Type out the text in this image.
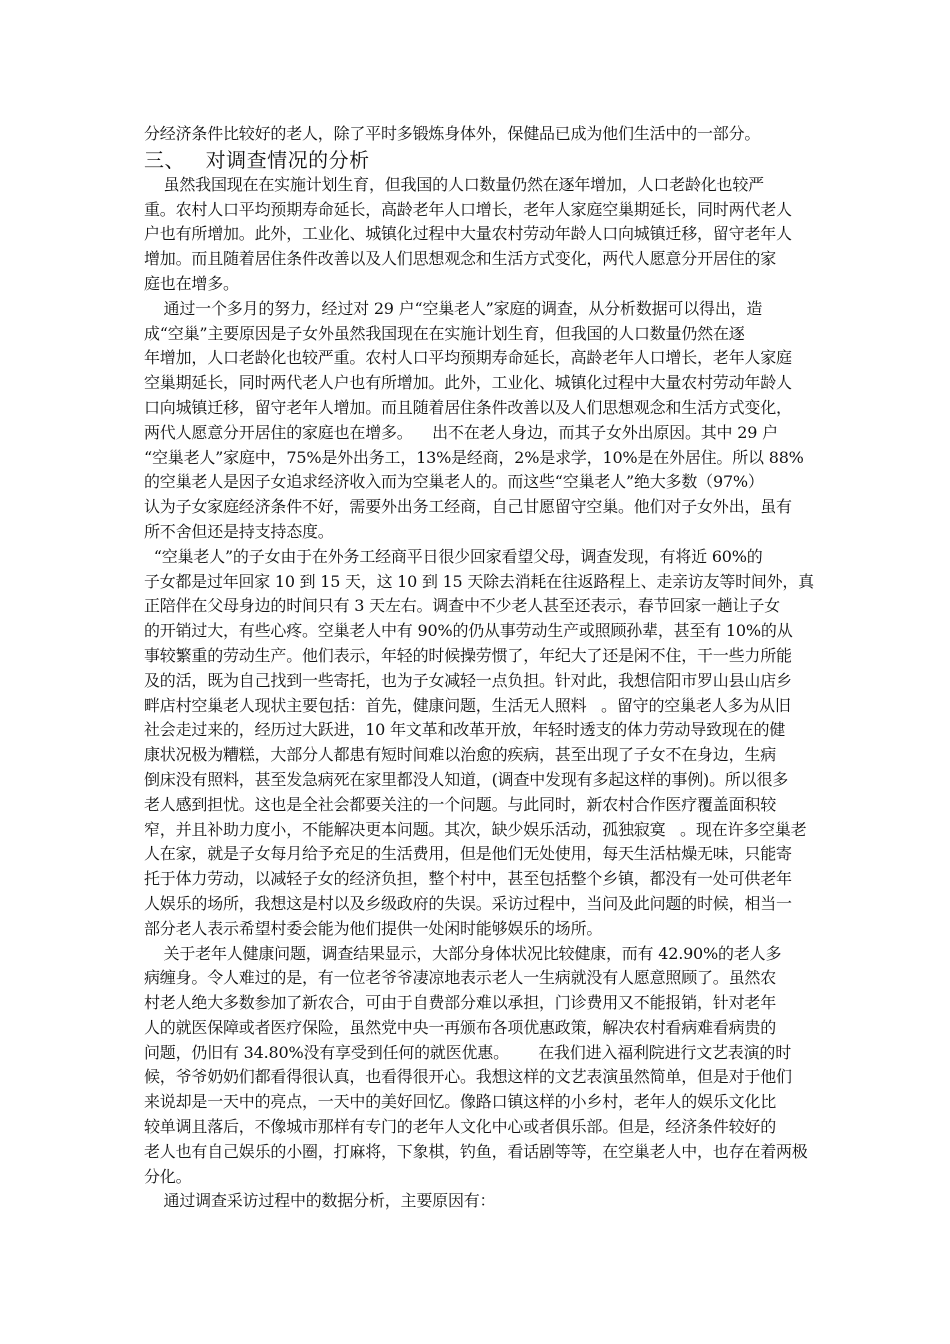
分经济条件比较好的老人，除了平时多锻炼身体外，保健品已成为他们生活中的一部分。
三、   对调查情况的分析
虽然我国现在在实施计划生育，但我国的人口数量仍然在逐年增加，人口老龄化也较严
重。农村人口平均预期寿命延长，高龄老年人口增长，老年人家庭空巢期延长，同时两代老人
户也有所增加。此外，工业化、城镇化过程中大量农村劳动年龄人口向城镇迁移，留守老年人
增加。而且随着居住条件改善以及人们思想观念和生活方式变化，两代人愿意分开居住的家
庭也在增多。
通过一个多月的努力，经过对 29 户“空巢老人”家庭的调查，从分析数据可以得出，造
成“空巢”主要原因是子女外虽然我国现在在实施计划生育，但我国的人口数量仍然在逐
年增加，人口老龄化也较严重。农村人口平均预期寿命延长，高龄老年人口增长，老年人家庭
空巢期延长，同时两代老人户也有所增加。此外，工业化、城镇化过程中大量农村劳动年龄人
口向城镇迁移，留守老年人增加。而且随着居住条件改善以及人们思想观念和生活方式变化，
两代人愿意分开居住的家庭也在增多。    出不在老人身边，而其子女外出原因。其中 29 户
“空巢老人”家庭中，75%是外出务工，13%是经商，2%是求学，10%是在外居住。所以 88%
的空巢老人是因子女追求经济收入而为空巢老人的。而这些“空巢老人”绝大多数（97%）
认为子女家庭经济条件不好，需要外出务工经商，自己甘愿留守空巢。他们对子女外出，虽有
所不舍但还是持支持态度。
“空巢老人”的子女由于在外务工经商平日很少回家看望父母，调查发现，有将近 60%的
子女都是过年回家 10 到 15 天，这 10 到 15 天除去消耗在往返路程上、走亲访友等时间外，真
正陪伴在父母身边的时间只有 3 天左右。调查中不少老人甚至还表示，春节回家一趟让子女
的开销过大，有些心疼。空巢老人中有 90%的仍从事劳动生产或照顾孙辈，甚至有 10%的从
事较繁重的劳动生产。他们表示，年轻的时候操劳惯了，年纪大了还是闲不住，干一些力所能
及的活，既为自己找到一些寄托，也为子女减轻一点负担。针对此，我想信阳市罗山县山店乡
畔店村空巢老人现状主要包括：首先，健康问题，生活无人照料   。留守的空巢老人多为从旧
社会走过来的，经历过大跃进，10 年文革和改革开放，年轻时透支的体力劳动导致现在的健
康状况极为糟糕，大部分人都患有短时间难以治愈的疾病，甚至出现了子女不在身边，生病
倒床没有照料，甚至发急病死在家里都没人知道，(调查中发现有多起这样的事例)。所以很多
老人感到担忧。这也是全社会都要关注的一个问题。与此同时，新农村合作医疗覆盖面积较
窄，并且补助力度小，不能解决更本问题。其次，缺少娱乐活动，孤独寂寞   。现在许多空巢老
人在家，就是子女每月给予充足的生活费用，但是他们无处使用，每天生活枯燥无味，只能寄
托于体力劳动，以减轻子女的经济负担，整个村中，甚至包括整个乡镇，都没有一处可供老年
人娱乐的场所，我想这是村以及乡级政府的失误。采访过程中，当问及此问题的时候，相当一
部分老人表示希望村委会能为他们提供一处闲时能够娱乐的场所。
关于老年人健康问题，调查结果显示，大部分身体状况比较健康，而有 42.90%的老人多
病缠身。令人难过的是，有一位老爷爷凄凉地表示老人一生病就没有人愿意照顾了。虽然农
村老人绝大多数参加了新农合，可由于自费部分难以承担，门诊费用又不能报销，针对老年
人的就医保障或者医疗保险，虽然党中央一再颁布各项优惠政策，解决农村看病难看病贵的
问题，仍旧有 34.80%没有享受到任何的就医优惠。      在我们进入福利院进行文艺表演的时
候，爷爷奶奶们都看得很认真，也看得很开心。我想这样的文艺表演虽然简单，但是对于他们
来说却是一天中的亮点，一天中的美好回忆。像路口镇这样的小乡村，老年人的娱乐文化比
较单调且落后，不像城市那样有专门的老年人文化中心或者俱乐部。但是，经济条件较好的
老人也有自己娱乐的小圈，打麻将，下象棋，钓鱼，看话剧等等，在空巢老人中，也存在着两极
分化。
通过调查采访过程中的数据分析，主要原因有：
